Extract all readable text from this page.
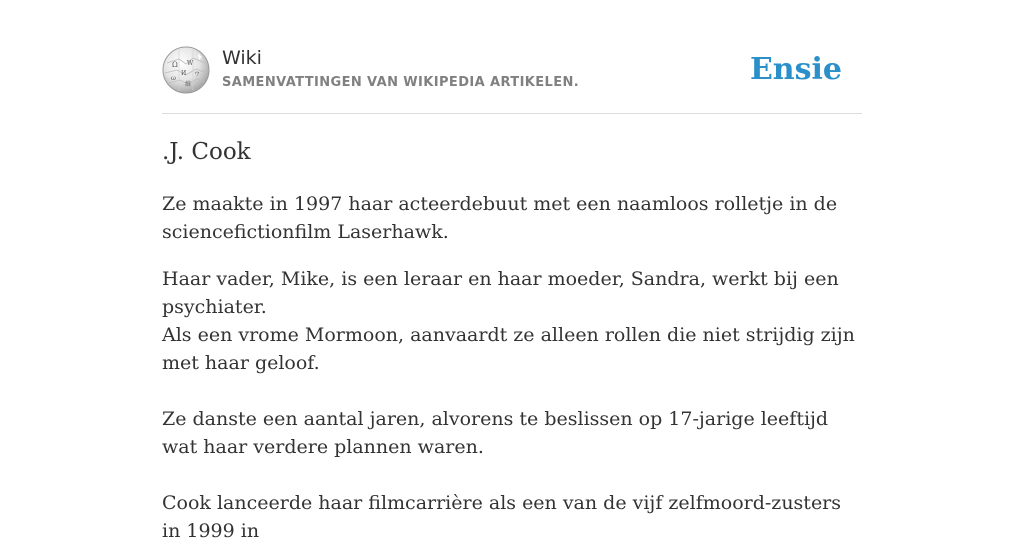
Ω W
И ウ
ω
維
Wiki
SAMENVATTINGEN VAN WIKIPEDIA ARTIKELEN.	Ensie
.J. Cook

Ze maakte in 1997 haar acteerdebuut met een naamloos rolletje in de sciencefictionfilm Laserhawk.

Haar vader, Mike, is een leraar en haar moeder, Sandra, werkt bij een psychiater.

Als een vrome Mormoon, aanvaardt ze alleen rollen die niet strijdig zijn met haar geloof.

Ze danste een aantal jaren, alvorens te beslissen op 17-jarige leeftijd wat haar verdere plannen waren.

Cook lanceerde haar filmcarrière als een van de vijf zelfmoord-zusters in 1999 in
